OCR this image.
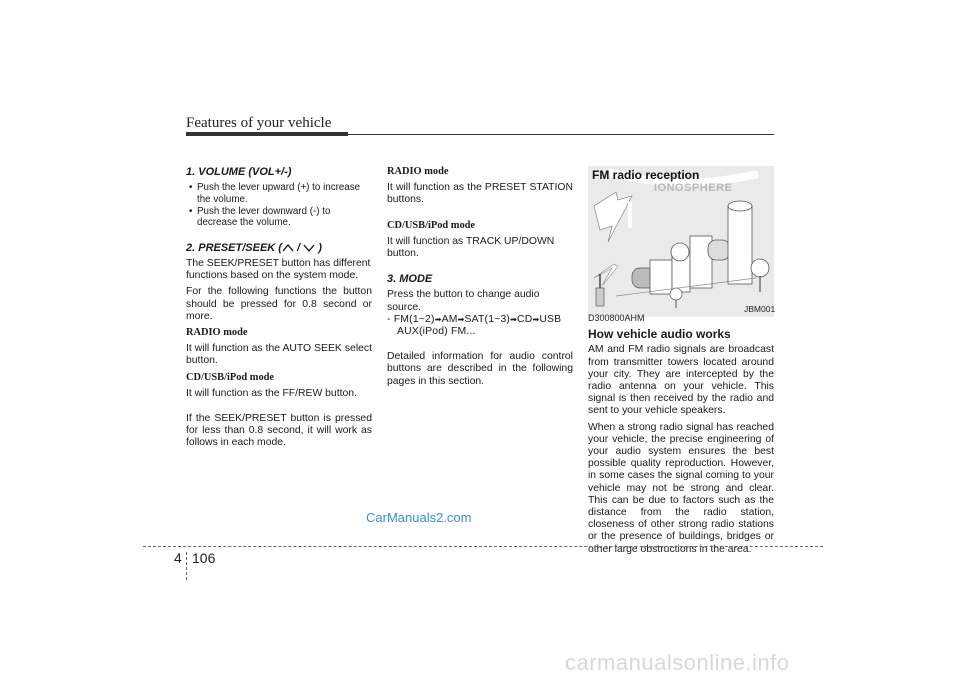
Features of your vehicle

1. VOLUME (VOL+/-)

• Push the lever upward (+) to increase the volume.
• Push the lever downward (-) to decrease the volume.

2. PRESET/SEEK ( /  )

The SEEK/PRESET button has different functions based on the system mode.

For the following functions the button should be pressed for 0.8 second or more.

RADIO mode

It will function as the AUTO SEEK select button.

CD/USB/iPod mode

It will function as the FF/REW button.

If the SEEK/PRESET button is pressed for less than 0.8 second, it will work as follows in each mode.

RADIO mode

It will function as the PRESET STATION buttons.

CD/USB/iPod mode

It will function as TRACK UP/DOWN button.

3. MODE

Press the button to change audio source.

- FM(1~2)➡AM➡SAT(1~3)➡CD➡USB
AUX(iPod) FM...

Detailed information for audio control buttons are described in the following pages in this section.

FM radio reception
IONOSPHERE
JBM001

D300800AHM

How vehicle audio works

AM and FM radio signals are broadcast from transmitter towers located around your city. They are intercepted by the radio antenna on your vehicle. This signal is then received by the radio and sent to your vehicle speakers.

When a strong radio signal has reached your vehicle, the precise engineering of your audio system ensures the best possible quality reproduction. However, in some cases the signal coming to your vehicle may not be strong and clear. This can be due to factors such as the distance from the radio station, closeness of other strong radio stations or the presence of buildings, bridges or other large obstructions in the area.

CarManuals2.com
4 106
carmanualsonline.info
